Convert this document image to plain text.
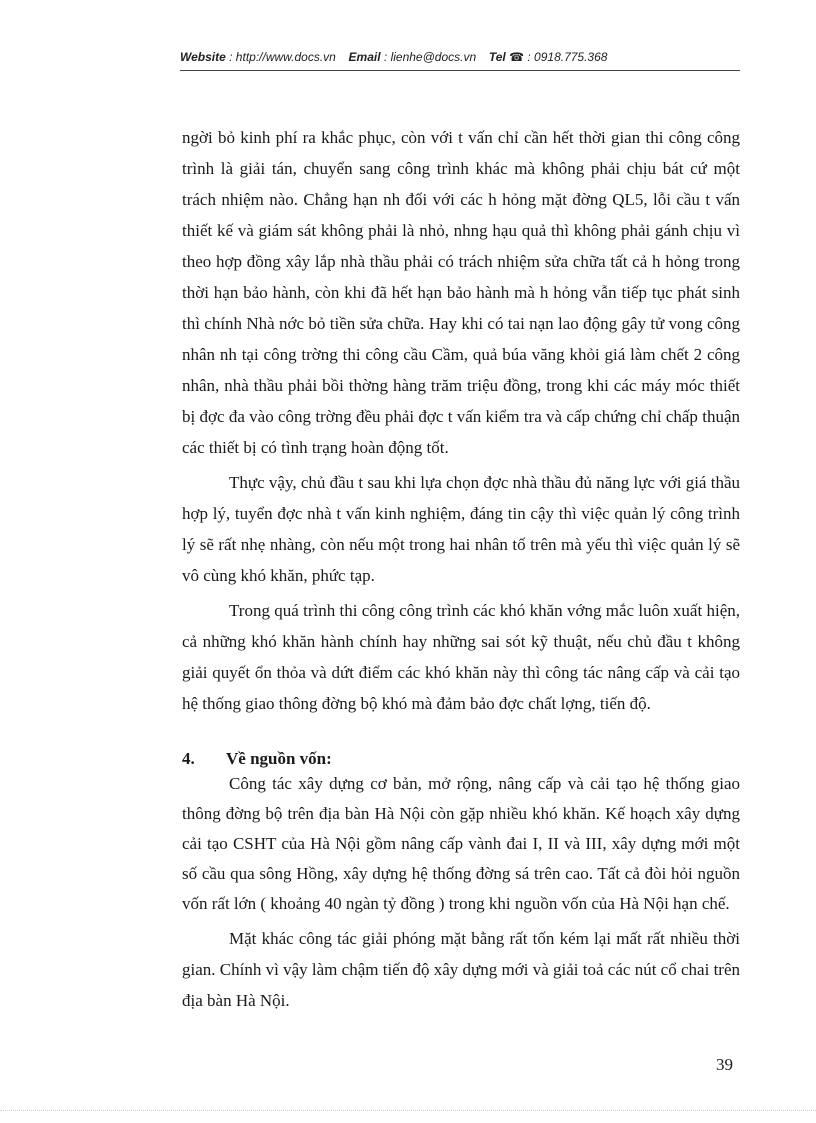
Website : http://www.docs.vn Email : lienhe@docs.vn Tel ☎ : 0918.775.368

ngời bỏ kinh phí ra khắc phục, còn với t vấn chỉ cần hết thời gian thi công công trình là giải tán, chuyển sang công trình khác mà không phải chịu bát cứ một trách nhiệm nào. Chẳng hạn nh đối với các h hỏng mặt đờng QL5, lỗi cầu t vấn thiết kế và giám sát không phải là nhỏ, nhng hạu quả thì không phải gánh chịu vì theo hợp đồng xây lắp nhà thầu phải có trách nhiệm sửa chữa tất cả h hỏng trong thời hạn bảo hành, còn khi đã hết hạn bảo hành mà h hỏng vẫn tiếp tục phát sinh thì chính Nhà nớc bỏ tiền sửa chữa. Hay khi có tai nạn lao động gây tử vong công nhân nh tại công trờng thi công cầu Cầm, quả búa văng khỏi giá làm chết 2 công nhân, nhà thầu phải bồi thờng hàng trăm triệu đồng, trong khi các máy móc thiết bị đợc đa vào công trờng đều phải đợc t vấn kiểm tra và cấp chứng chỉ chấp thuận các thiết bị có tình trạng hoàn động tốt.

Thực vậy, chủ đầu t sau khi lựa chọn đợc nhà thầu đủ năng lực với giá thầu hợp lý, tuyển đợc nhà t vấn kinh nghiệm, đáng tin cậy thì việc quản lý công trình lý sẽ rất nhẹ nhàng, còn nếu một trong hai nhân tố trên mà yếu thì việc quản lý sẽ vô cùng khó khăn, phức tạp.

Trong quá trình thi công công trình các khó khăn vớng mắc luôn xuất hiện, cả những khó khăn hành chính hay những sai sót kỹ thuật, nếu chủ đầu t không giải quyết ổn thỏa và dứt điểm các khó khăn này thì công tác nâng cấp và cải tạo hệ thống giao thông đờng bộ khó mà đảm bảo đợc chất lợng, tiến độ.

4.	Về nguồn vốn:

Công tác xây dựng cơ bản, mở rộng, nâng cấp và cải tạo hệ thống giao thông đờng bộ trên địa bàn Hà Nội còn gặp nhiều khó khăn. Kế hoạch xây dựng cải tạo CSHT của Hà Nội gồm nâng cấp vành đai I, II và III, xây dựng mới một số cầu qua sông Hồng, xây dựng hệ thống đờng sá trên cao. Tất cả đòi hỏi nguồn vốn rất lớn ( khoảng 40 ngàn tỷ đồng ) trong khi nguồn vốn của Hà Nội hạn chế.

Mặt khác công tác giải phóng mặt bằng rất tốn kém lại mất rất nhiều thời gian. Chính vì vậy làm chậm tiến độ xây dựng mới và giải toả các nút cổ chai trên địa bàn Hà Nội.

39
